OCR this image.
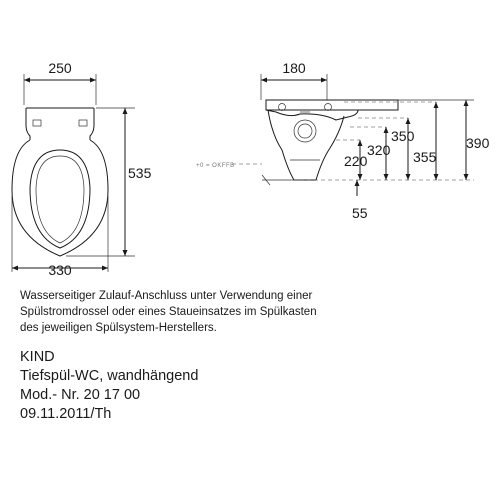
250
535
330
180
+0 = OKFFB
55
220
320
350
355
390

Wasserseitiger Zulauf-Anschluss unter Verwendung einer
Spülstromdrossel oder eines Staueinsatzes im Spülkasten
des jeweiligen Spülsystem-Herstellers.

KIND
Tiefspül-WC, wandhängend
Mod.- Nr. 20 17 00
09.11.2011/Th
